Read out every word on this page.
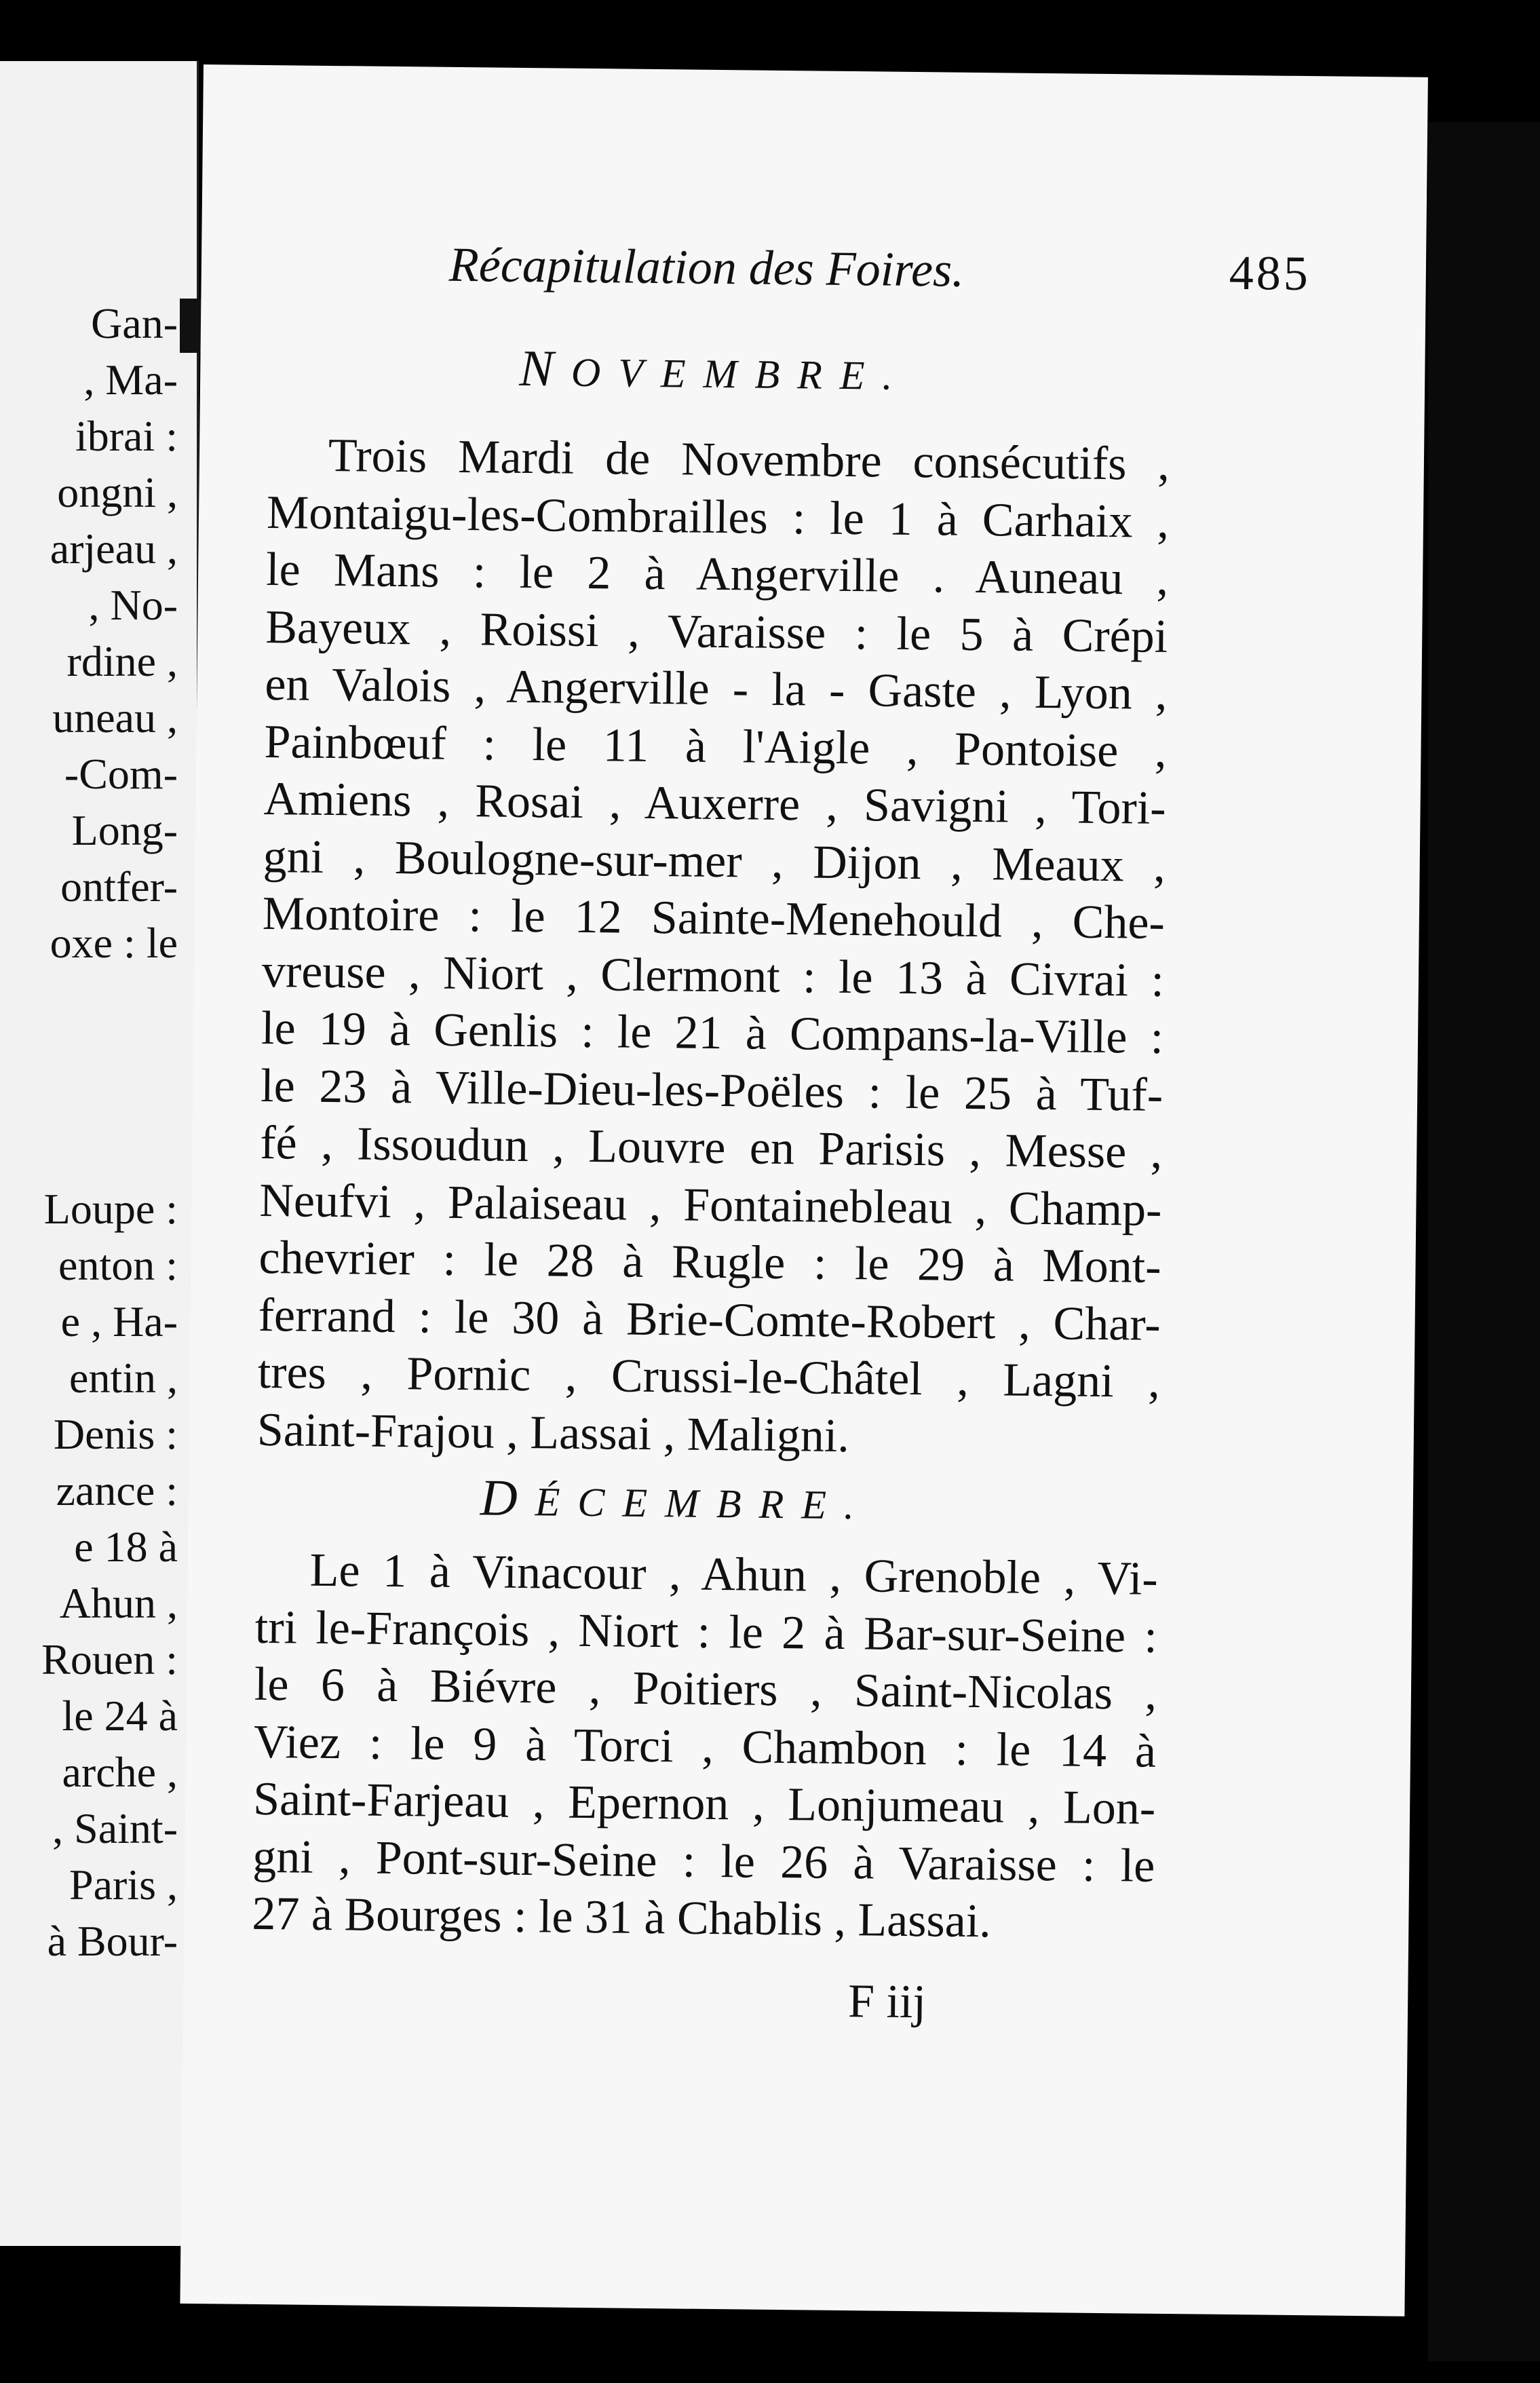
Gan-
, Ma-
ibrai :
ongni ,
arjeau ,
, No-
rdine ,
uneau ,
-Com-
Long-
ontfer-
oxe : le
Loupe :
enton :
e , Ha-
entin ,
Denis :
zance :
e 18 à
Ahun ,
Rouen :
le 24 à
arche ,
, Saint-
Paris ,
à Bour-
Récapitulation des Foires.	485
NOVEMBRE.
Trois Mardi de Novembre consécutifs ,
Montaigu-les-Combrailles : le 1 à Carhaix ,
le Mans : le 2 à Angerville . Auneau ,
Bayeux , Roissi , Varaisse : le 5 à Crépi
en Valois , Angerville - la - Gaste , Lyon ,
Painbœuf : le 11 à l'Aigle , Pontoise ,
Amiens , Rosai , Auxerre , Savigni , Tori-
gni , Boulogne-sur-mer , Dijon , Meaux ,
Montoire : le 12 Sainte-Menehould , Che-
vreuse , Niort , Clermont : le 13 à Civrai :
le 19 à Genlis : le 21 à Compans-la-Ville :
le 23 à Ville-Dieu-les-Poëles : le 25 à Tuf-
fé , Issoudun , Louvre en Parisis , Messe ,
Neufvi , Palaiseau , Fontainebleau , Champ-
chevrier : le 28 à Rugle : le 29 à Mont-
ferrand : le 30 à Brie-Comte-Robert , Char-
tres , Pornic , Crussi-le-Châtel , Lagni ,
Saint-Frajou , Lassai , Maligni.
DÉCEMBRE.
Le 1 à Vinacour , Ahun , Grenoble , Vi-
tri le-François , Niort : le 2 à Bar-sur-Seine :
le 6 à Biévre , Poitiers , Saint-Nicolas ,
Viez : le 9 à Torci , Chambon : le 14 à
Saint-Farjeau , Epernon , Lonjumeau , Lon-
gni , Pont-sur-Seine : le 26 à Varaisse : le
27 à Bourges : le 31 à Chablis , Lassai.
F iij
